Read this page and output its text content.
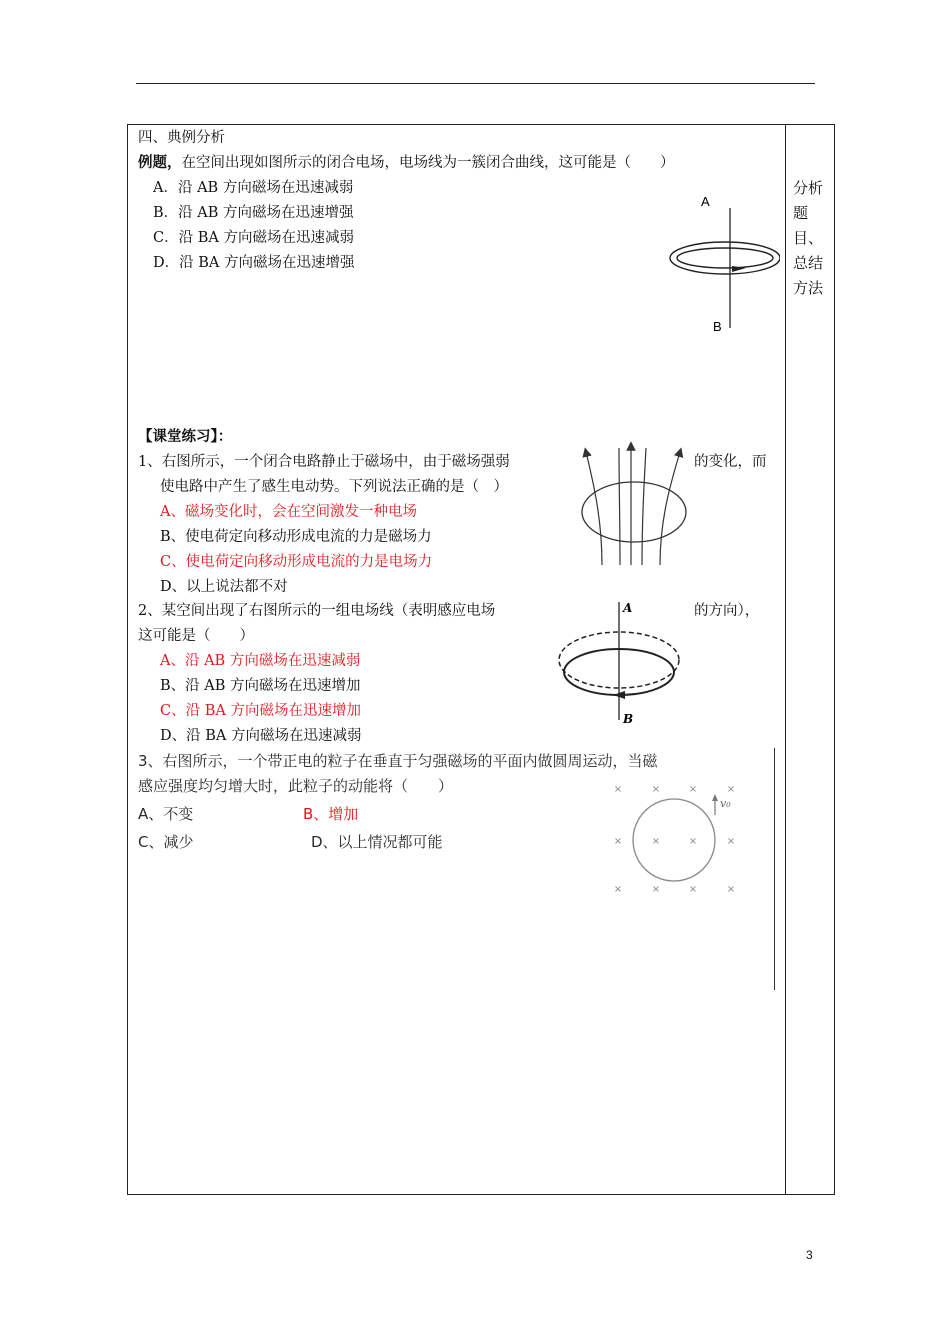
分析
题
目、
总结
方法
四、典例分析
例题，在空间出现如图所示的闭合电场，电场线为一簇闭合曲线，这可能是（　　）
A．沿 AB 方向磁场在迅速减弱
B．沿 AB 方向磁场在迅速增强
C．沿 BA 方向磁场在迅速减弱
D．沿 BA 方向磁场在迅速增强
A
B
【课堂练习】：
1、右图所示，一个闭合电路静止于磁场中，由于磁场强弱	的变化，而
使电路中产生了感生电动势。下列说法正确的是（　）
A、磁场变化时，会在空间激发一种电场
B、使电荷定向移动形成电流的力是磁场力
C、使电荷定向移动形成电流的力是电场力
D、以上说法都不对
2、某空间出现了右图所示的一组电场线（表明感应电场	的方向），
这可能是（　　）
A、沿 AB 方向磁场在迅速减弱
B、沿 AB 方向磁场在迅速增加
C、沿 BA 方向磁场在迅速增加
D、沿 BA 方向磁场在迅速减弱
A
B
3、右图所示，一个带正电的粒子在垂直于匀强磁场的平面内做圆周运动，当磁
感应强度均匀增大时，此粒子的动能将（　　）
A、不变	B、增加
C、减少	D、以上情况都可能
×	×	×	×
×	×	×	×
×	×	×	×
v₀
3
